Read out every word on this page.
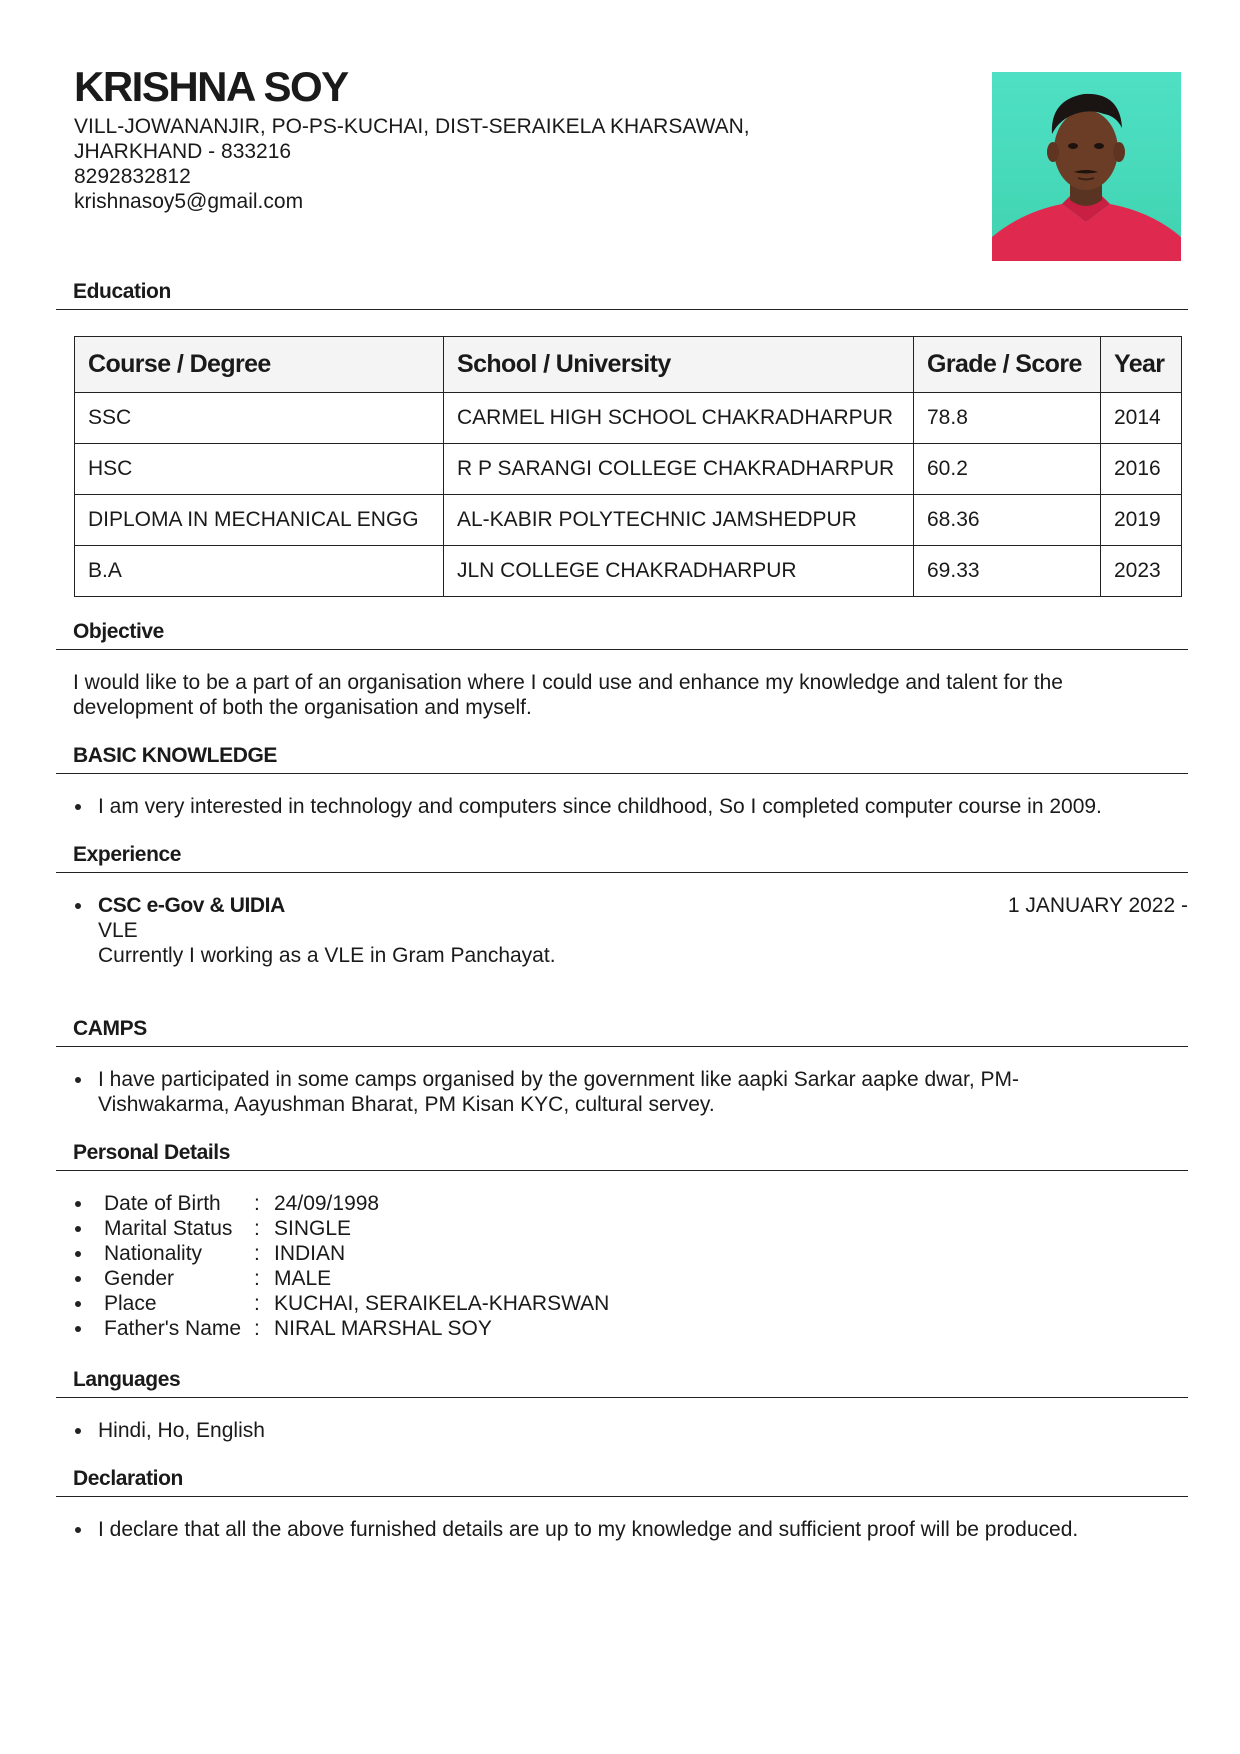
KRISHNA SOY
VILL-JOWANANJIR, PO-PS-KUCHAI, DIST-SERAIKELA KHARSAWAN,
JHARKHAND - 833216
8292832812
krishnasoy5@gmail.com
Education
Course / Degree	School / University	Grade / Score	Year
SSC	CARMEL HIGH SCHOOL CHAKRADHARPUR	78.8	2014
HSC	R P SARANGI COLLEGE CHAKRADHARPUR	60.2	2016
DIPLOMA IN MECHANICAL ENGG	AL-KABIR POLYTECHNIC JAMSHEDPUR	68.36	2019
B.A	JLN COLLEGE CHAKRADHARPUR	69.33	2023
Objective
I would like to be a part of an organisation where I could use and enhance my knowledge and talent for the
development of both the organisation and myself.
BASIC KNOWLEDGE
I am very interested in technology and computers since childhood, So I completed computer course in 2009.
Experience
CSC e-Gov & UIDIA	1 JANUARY 2022 -
VLE
Currently I working as a VLE in Gram Panchayat.
CAMPS
I have participated in some camps organised by the government like aapki Sarkar aapke dwar, PM-
Vishwakarma, Aayushman Bharat, PM Kisan KYC, cultural servey.
Personal Details
Date of Birth : 24/09/1998
Marital Status : SINGLE
Nationality : INDIAN
Gender	: MALE
Place	: KUCHAI, SERAIKELA-KHARSWAN
Father's Name : NIRAL MARSHAL SOY
Languages
Hindi, Ho, English
Declaration
I declare that all the above furnished details are up to my knowledge and sufficient proof will be produced.
